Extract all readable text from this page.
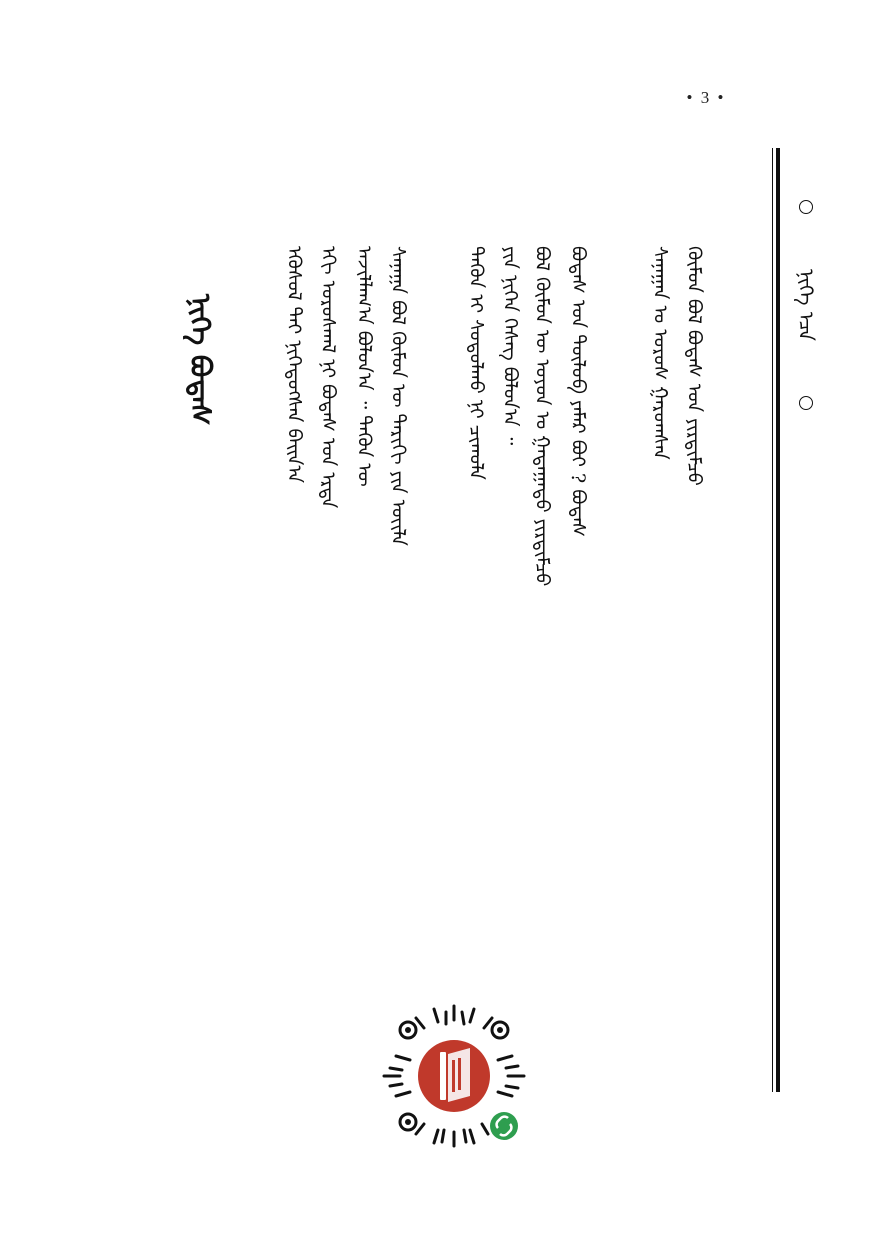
• 3 •
ᠨᠢᠭᠡ ᠡᠴᠡ
ᠬᠦᠮᠦᠨ ᠪᠣᠯ ᠪᠣᠳᠠᠰ ᠤᠨ ᠶᠢᠷᠲᠢᠮᠴᠦ
ᠰᠠᠨᠠᠭᠠᠨ ᠤ ᠤᠷᠤᠰ ᠭᠠᠷᠤᠭᠰᠠᠨ
ᠪᠣᠳᠠᠰ ᠤᠨ ᠲᠥᠯᠥᠪ ᠶᠠᠮᠠᠷ ᠪᠤᠢ ? ᠪᠣᠳᠠᠰ
ᠪᠣᠯ ᠬᠦᠮᠦᠨ ᠦ ᠣᠶᠤᠨ ᠤ ᠭᠠᠳᠠᠭᠠᠳᠤ ᠶᠢᠷᠲᠢᠮᠴᠦ
ᠶᠢᠨ ᠨᠢᠭᠡᠨ ᠬᠡᠰᠡᠭ ᠪᠣᠯᠤᠨ᠎ᠠ ᠃
ᠲᠡᠭᠦᠨ ᠢ ᠰᠤᠳᠤᠯᠬᠤ ᠨᠢ ᠴᠢᠬᠤᠯᠠ
ᠰᠠᠨᠠᠭᠠ ᠪᠣᠯ ᠬᠦᠮᠦᠨ ᠦ ᠲᠠᠷᠢᠬᠢ ᠶᠢᠨ ᠦᠢᠯᠡ
ᠠᠵᠢᠯᠯᠠᠭ᠎ᠠ ᠪᠣᠯᠤᠨ᠎ᠠ ᠃ ᠲᠡᠭᠦᠨ ᠦ
ᠡᠬᠢ ᠤᠷᠤᠰᠬᠠᠯ ᠨᠢ ᠪᠣᠳᠠᠰ ᠤᠨ ᠡᠷᠲᠡ
ᠡᠭᠦᠰᠦᠯ ᠲᠡᠢ ᠨᠢᠭᠡᠳᠦᠭᠰᠡᠨ ᠪᠠᠢᠨ᠎ᠠ
ᠨᠢᠭᠡ ᠪᠣᠳᠠᠰ
